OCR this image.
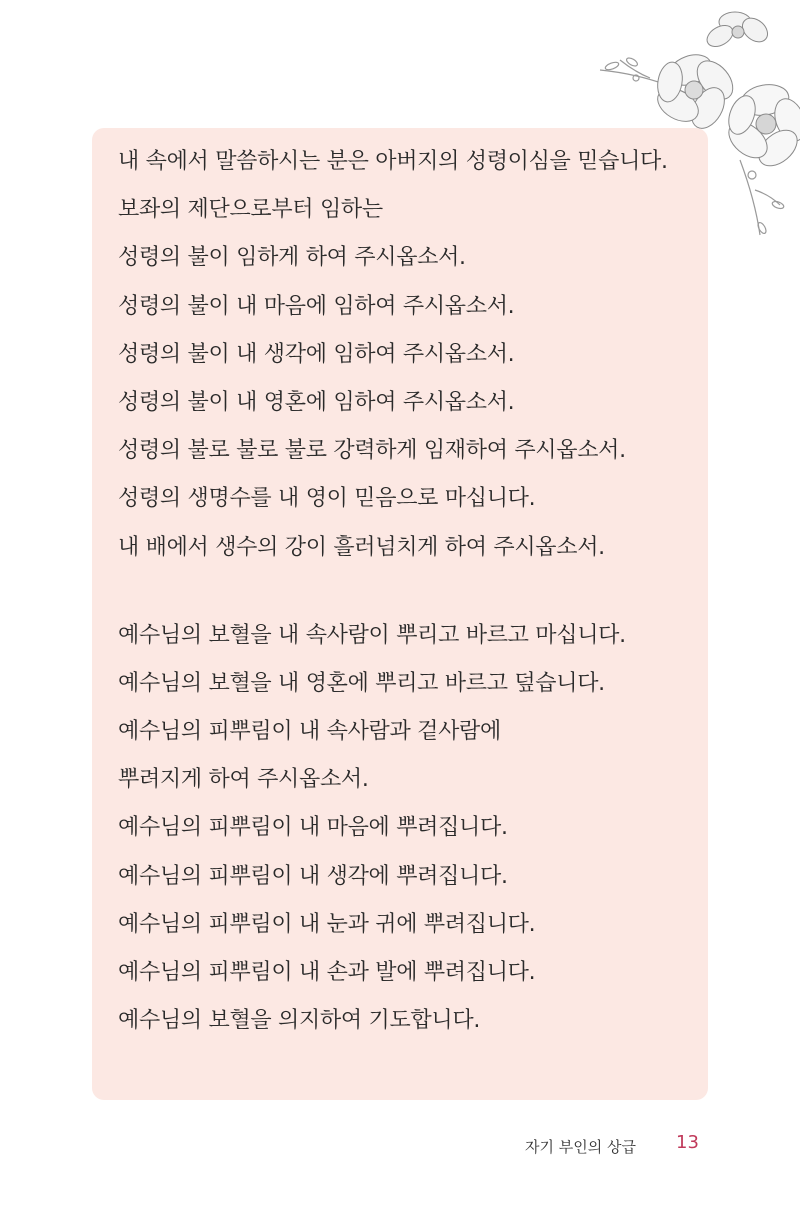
내 속에서 말씀하시는 분은 아버지의 성령이심을 믿습니다.
보좌의 제단으로부터 임하는
성령의 불이 임하게 하여 주시옵소서.
성령의 불이 내 마음에 임하여 주시옵소서.
성령의 불이 내 생각에 임하여 주시옵소서.
성령의 불이 내 영혼에 임하여 주시옵소서.
성령의 불로 불로 불로 강력하게 임재하여 주시옵소서.
성령의 생명수를 내 영이 믿음으로 마십니다.
내 배에서 생수의 강이 흘러넘치게 하여 주시옵소서.
예수님의 보혈을 내 속사람이 뿌리고 바르고 마십니다.
예수님의 보혈을 내 영혼에 뿌리고 바르고 덮습니다.
예수님의 피뿌림이 내 속사람과 겉사람에
뿌려지게 하여 주시옵소서.
예수님의 피뿌림이 내 마음에 뿌려집니다.
예수님의 피뿌림이 내 생각에 뿌려집니다.
예수님의 피뿌림이 내 눈과 귀에 뿌려집니다.
예수님의 피뿌림이 내 손과 발에 뿌려집니다.
예수님의 보혈을 의지하여 기도합니다.
자기 부인의 상급 13
